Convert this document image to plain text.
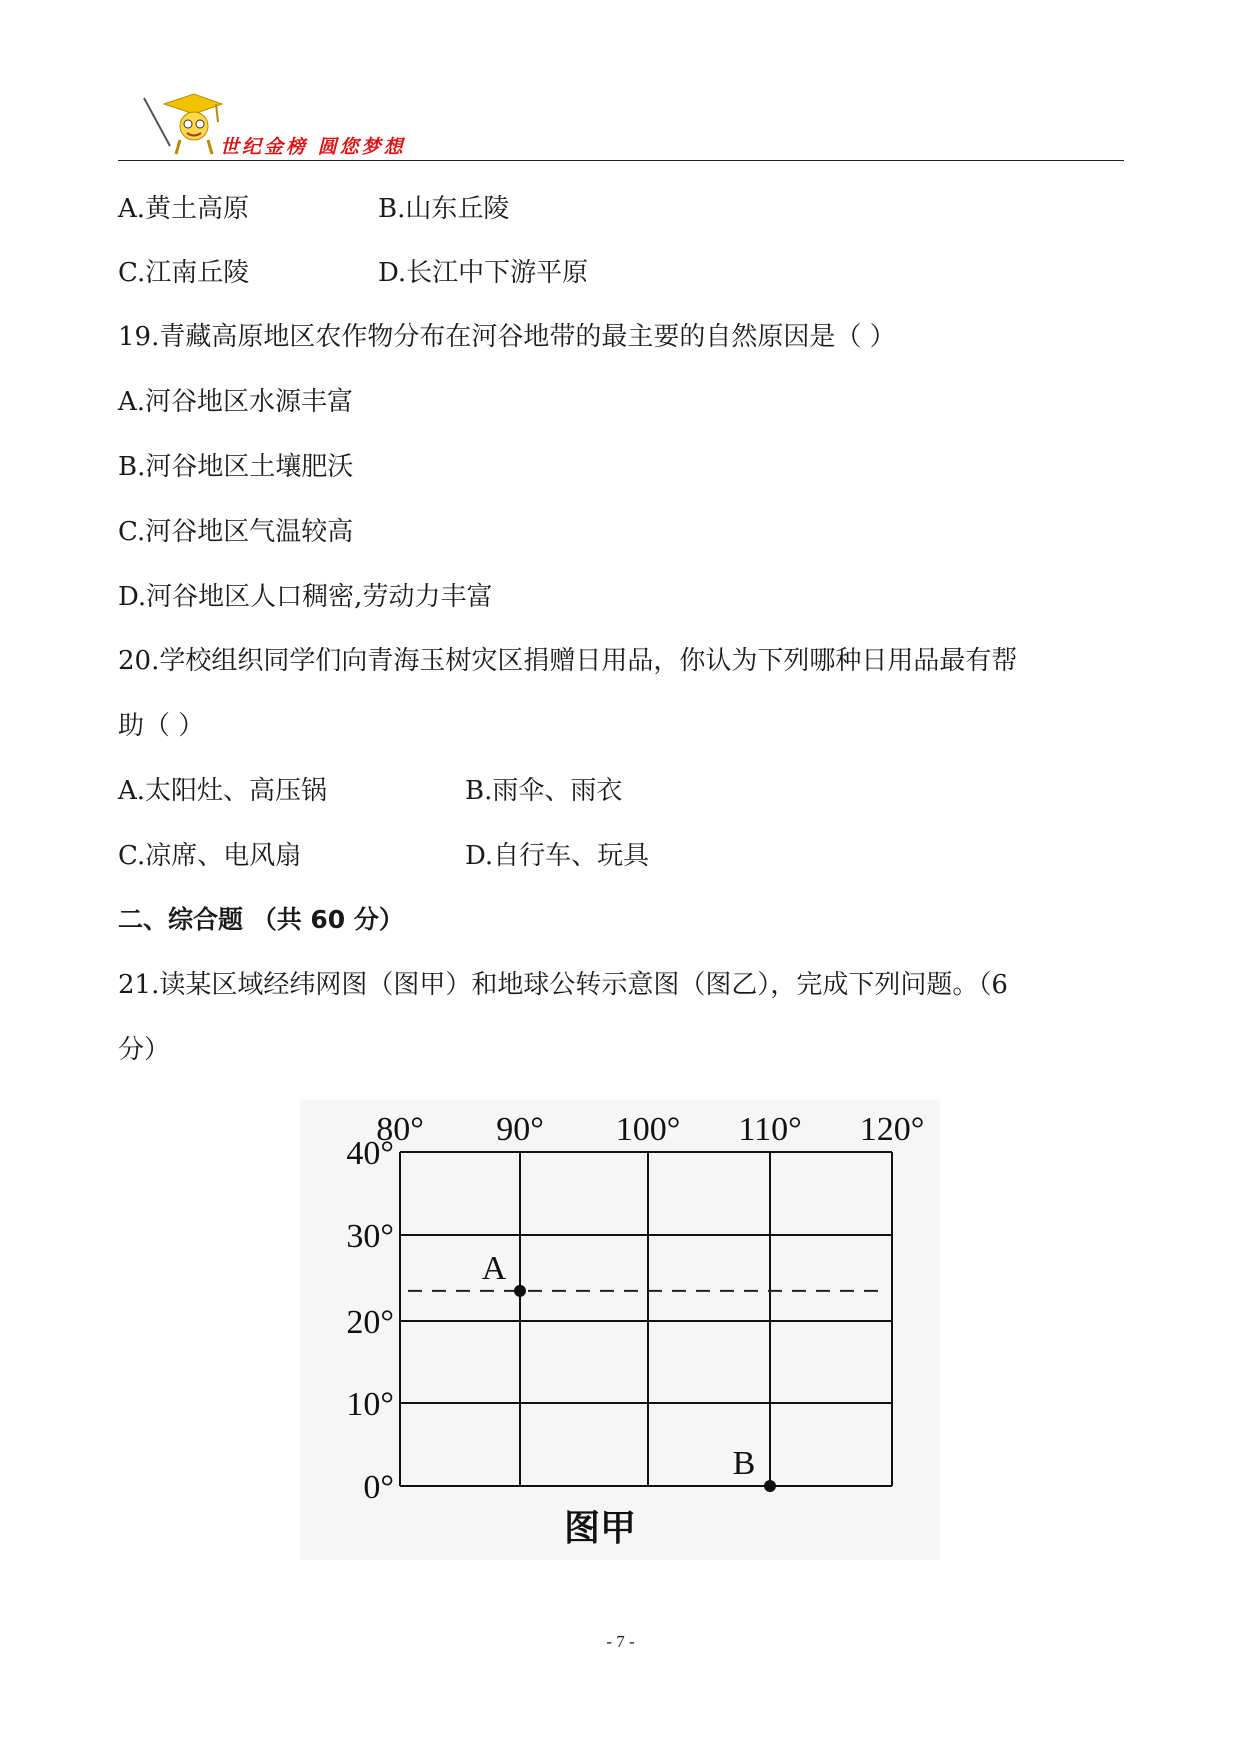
世纪金榜 圆您梦想
A.黄土高原	B.山东丘陵
C.江南丘陵	D.长江中下游平原
19.青藏高原地区农作物分布在河谷地带的最主要的自然原因是（ ）
A.河谷地区水源丰富
B.河谷地区土壤肥沃
C.河谷地区气温较高
D.河谷地区人口稠密,劳动力丰富
20.学校组织同学们向青海玉树灾区捐赠日用品，你认为下列哪种日用品最有帮
助（ ）
A.太阳灶、高压锅	B.雨伞、雨衣
C.凉席、电风扇	D.自行车、玩具
二、综合题 （共 60 分）
21.读某区域经纬网图（图甲）和地球公转示意图（图乙），完成下列问题。（6
分）
80° 90° 100° 110° 120°
40°
30°
20°
10°
0°
A
B
图甲
- 7 -
